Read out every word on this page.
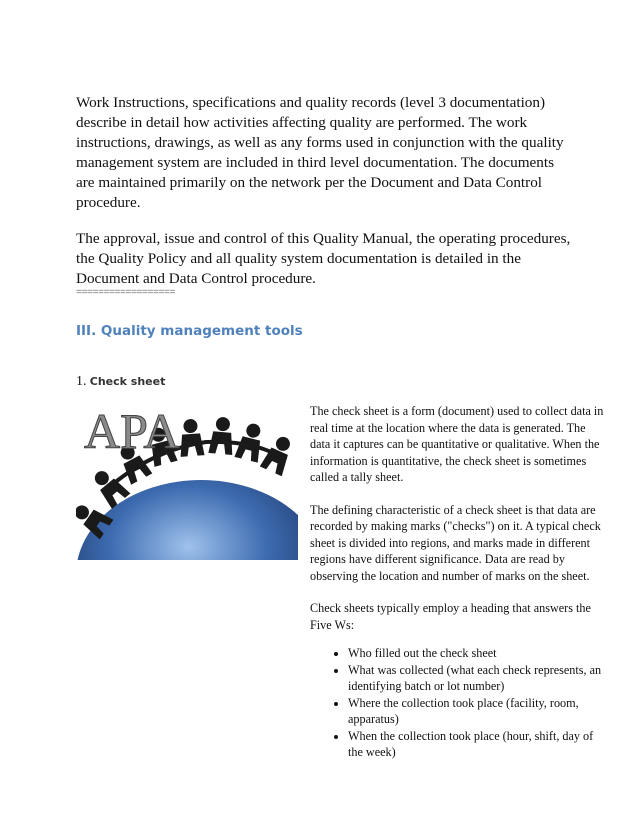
Work Instructions, specifications and quality records (level 3 documentation) describe in detail how activities affecting quality are performed. The work instructions, drawings, as well as any forms used in conjunction with the quality management system are included in third level documentation. The documents are maintained primarily on the network per the Document and Data Control procedure.

The approval, issue and control of this Quality Manual, the operating procedures, the Quality Policy and all quality system documentation is detailed in the Document and Data Control procedure.

==================
III. Quality management tools
1. Check sheet
APA	The check sheet is a form (document) used to collect data in real time at the location where the data is generated. The data it captures can be quantitative or qualitative. When the information is quantitative, the check sheet is sometimes called a tally sheet.

The defining characteristic of a check sheet is that data are recorded by making marks ("checks") on it. A typical check sheet is divided into regions, and marks made in different regions have different significance. Data are read by observing the location and number of marks on the sheet.

Check sheets typically employ a heading that answers the Five Ws:

• Who filled out the check sheet
• What was collected (what each check represents, an identifying batch or lot number)
• Where the collection took place (facility, room, apparatus)
• When the collection took place (hour, shift, day of the week)
